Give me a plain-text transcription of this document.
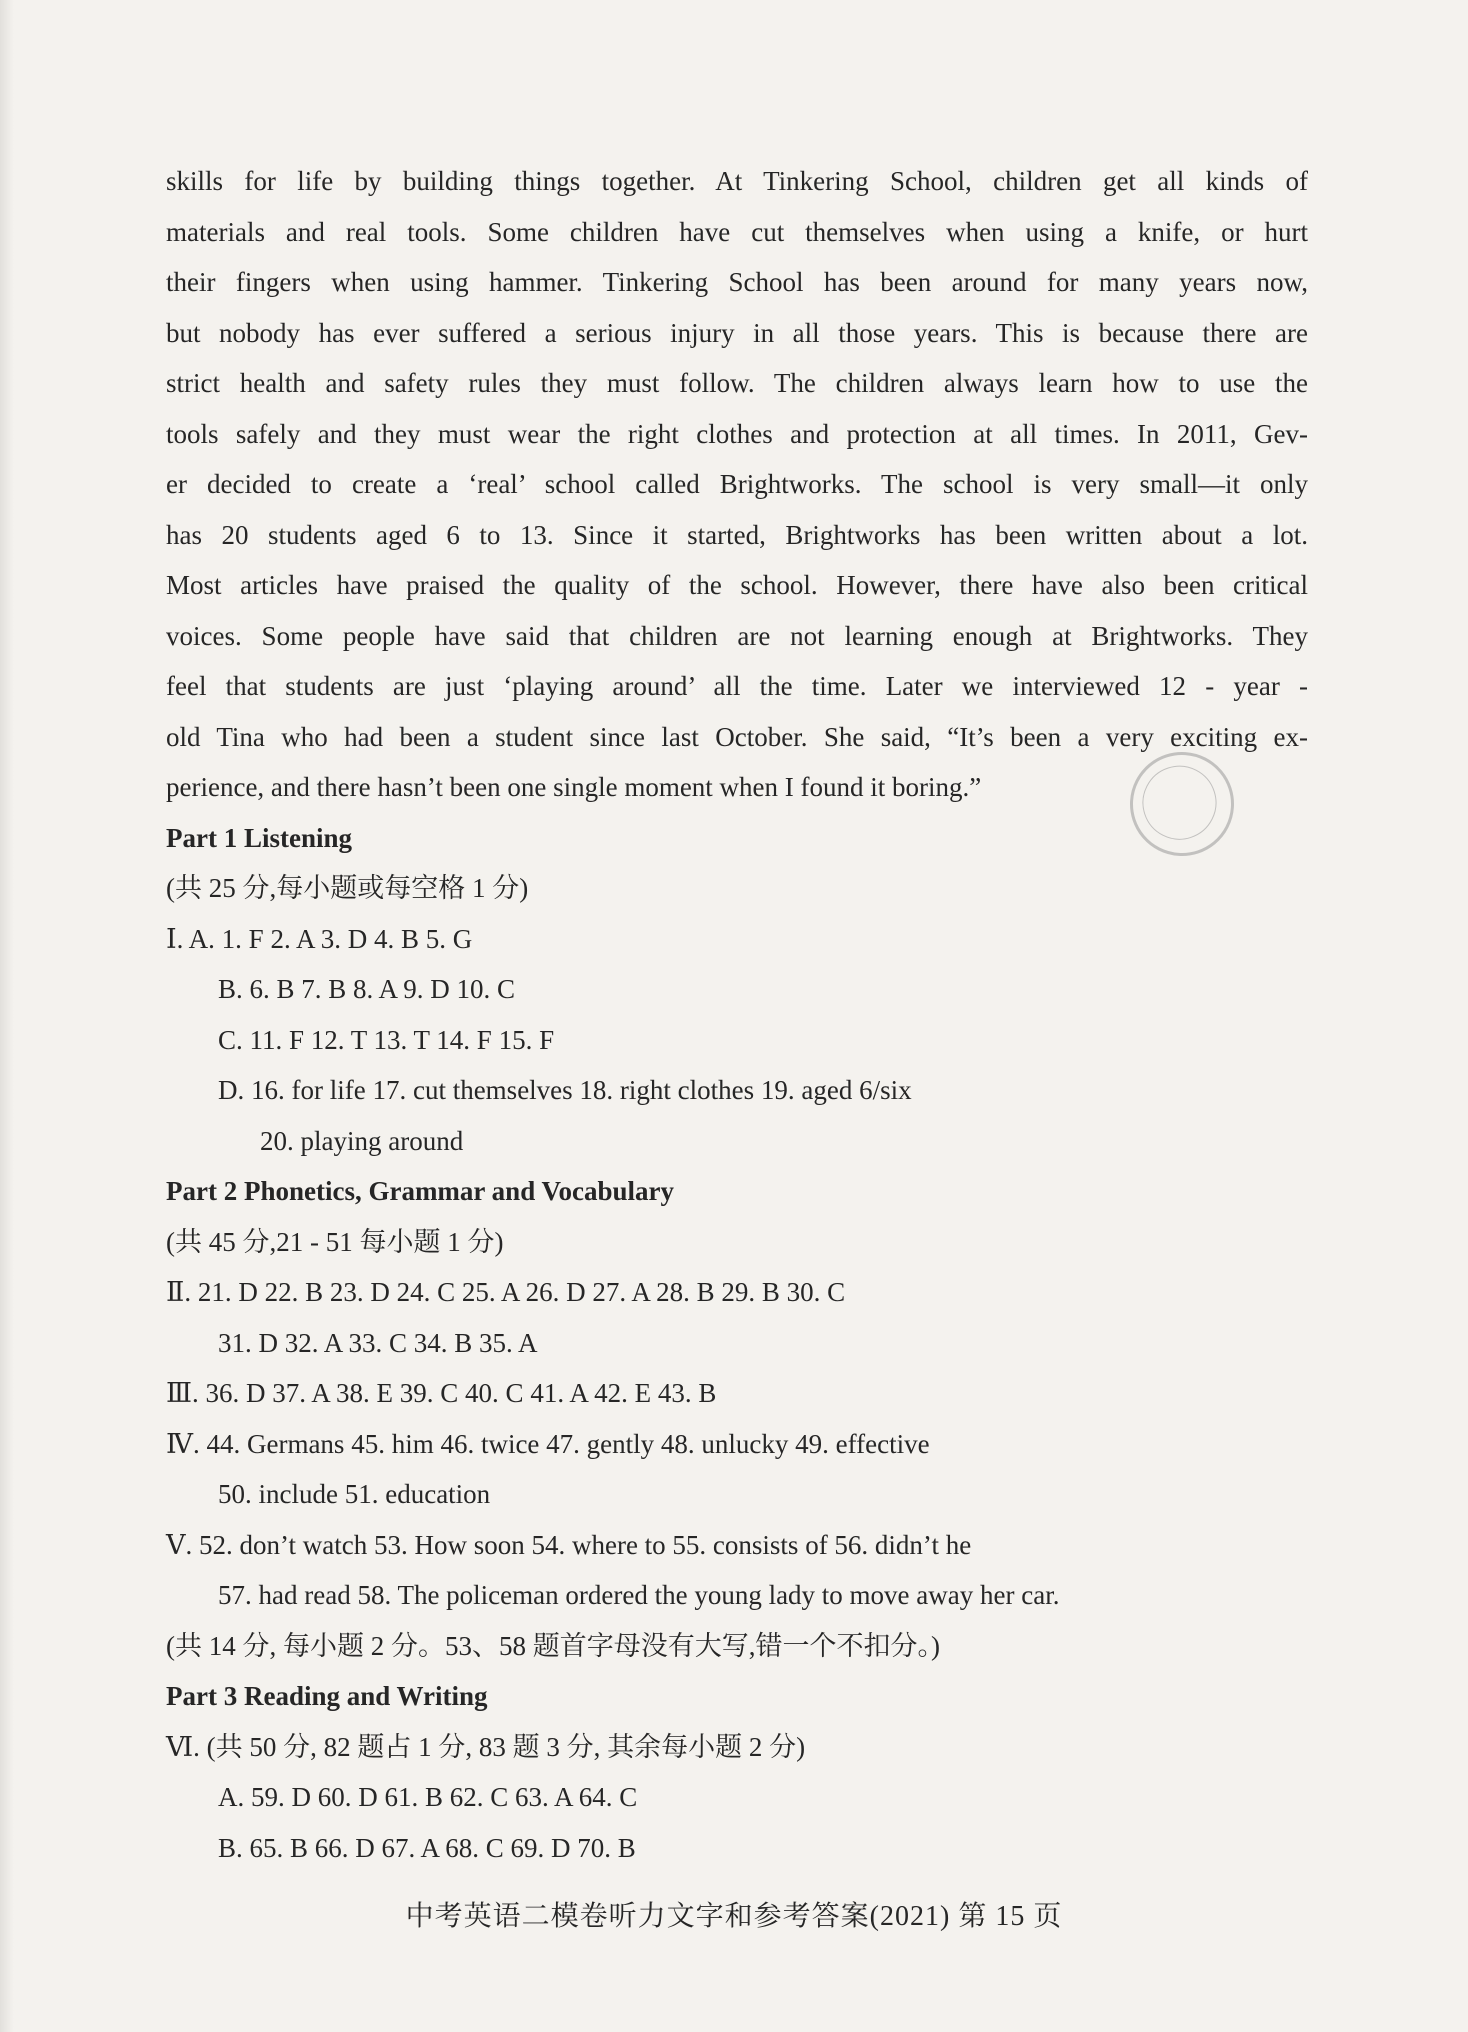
skills for life by building things together. At Tinkering School, children get all kinds of
materials and real tools. Some children have cut themselves when using a knife, or hurt
their fingers when using hammer. Tinkering School has been around for many years now,
but nobody has ever suffered a serious injury in all those years. This is because there are
strict health and safety rules they must follow. The children always learn how to use the
tools safely and they must wear the right clothes and protection at all times. In 2011, Gev-
er decided to create a ‘real’ school called Brightworks. The school is very small—it only
has 20 students aged 6 to 13. Since it started, Brightworks has been written about a lot.
Most articles have praised the quality of the school. However, there have also been critical
voices. Some people have said that children are not learning enough at Brightworks. They
feel that students are just ‘playing around’ all the time. Later we interviewed 12 - year -
old Tina who had been a student since last October. She said, “It’s been a very exciting ex-
perience, and there hasn’t been one single moment when I found it boring.”
Part 1 Listening
(共 25 分,每小题或每空格 1 分)
Ⅰ. A. 1. F 2. A 3. D 4. B 5. G
B. 6. B 7. B 8. A 9. D 10. C
C. 11. F 12. T 13. T 14. F 15. F
D. 16. for life 17. cut themselves 18. right clothes 19. aged 6/six
20. playing around
Part 2 Phonetics, Grammar and Vocabulary
(共 45 分,21 - 51 每小题 1 分)
Ⅱ. 21. D 22. B 23. D 24. C 25. A 26. D 27. A 28. B 29. B 30. C
31. D 32. A 33. C 34. B 35. A
Ⅲ. 36. D 37. A 38. E 39. C 40. C 41. A 42. E 43. B
Ⅳ. 44. Germans 45. him 46. twice 47. gently 48. unlucky 49. effective
50. include 51. education
Ⅴ. 52. don’t watch 53. How soon 54. where to 55. consists of 56. didn’t he
57. had read 58. The policeman ordered the young lady to move away her car.
(共 14 分, 每小题 2 分。53、58 题首字母没有大写,错一个不扣分。)
Part 3 Reading and Writing
Ⅵ. (共 50 分, 82 题占 1 分, 83 题 3 分, 其余每小题 2 分)
A. 59. D 60. D 61. B 62. C 63. A 64. C
B. 65. B 66. D 67. A 68. C 69. D 70. B
中考英语二模卷听力文字和参考答案(2021) 第 15 页
